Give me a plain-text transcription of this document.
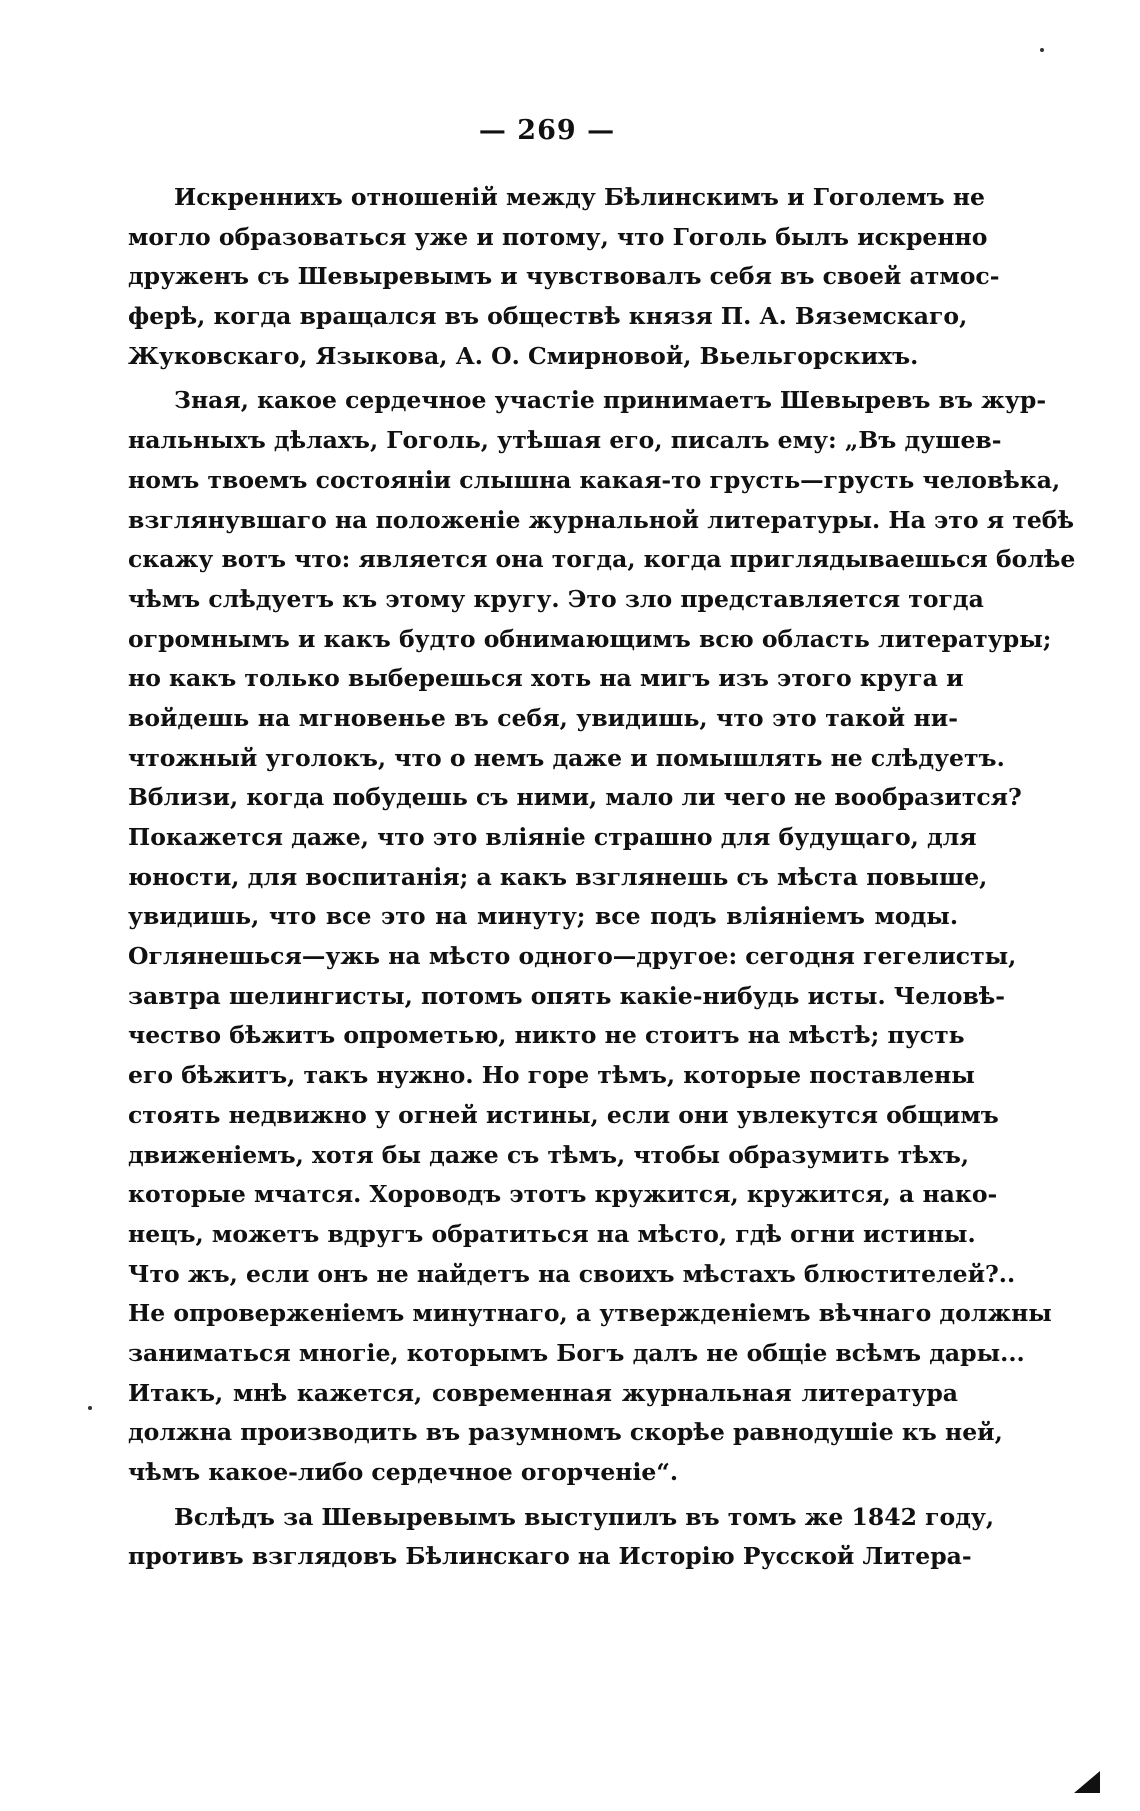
— 269 —
Искреннихъ отношеній между Бѣлинскимъ и Гоголемъ не
могло образоваться уже и потому, что Гоголь былъ искренно
друженъ съ Шевыревымъ и чувствовалъ себя въ своей атмос-
ферѣ, когда вращался въ обществѣ князя П. А. Вяземскаго,
Жуковскаго, Языкова, А. О. Смирновой, Вьельгорскихъ.
Зная, какое сердечное участіе принимаетъ Шевыревъ въ жур-
нальныхъ дѣлахъ, Гоголь, утѣшая его, писалъ ему: „Въ душев-
номъ твоемъ состояніи слышна какая-то грусть—грусть человѣка,
взглянувшаго на положеніе журнальной литературы. На это я тебѣ
скажу вотъ что: является она тогда, когда приглядываешься болѣе
чѣмъ слѣдуетъ къ этому кругу. Это зло представляется тогда
огромнымъ и какъ будто обнимающимъ всю область литературы;
но какъ только выберешься хоть на мигъ изъ этого круга и
войдешь на мгновенье въ себя, увидишь, что это такой ни-
чтожный уголокъ, что о немъ даже и помышлять не слѣдуетъ.
Вблизи, когда побудешь съ ними, мало ли чего не вообразится?
Покажется даже, что это вліяніе страшно для будущаго, для
юности, для воспитанія; а какъ взглянешь съ мѣста повыше,
увидишь, что все это на минуту; все подъ вліяніемъ моды.
Оглянешься—ужь на мѣсто одного—другое: сегодня гегелисты,
завтра шелингисты, потомъ опять какіе-нибудь исты. Человѣ-
чество бѣжитъ опрометью, никто не стоитъ на мѣстѣ; пусть
его бѣжитъ, такъ нужно. Но горе тѣмъ, которые поставлены
стоять недвижно у огней истины, если они увлекутся общимъ
движеніемъ, хотя бы даже съ тѣмъ, чтобы образумить тѣхъ,
которые мчатся. Хороводъ этотъ кружится, кружится, а нако-
нецъ, можетъ вдругъ обратиться на мѣсто, гдѣ огни истины.
Что жъ, если онъ не найдетъ на своихъ мѣстахъ блюстителей?..
Не опроверженіемъ минутнаго, а утвержденіемъ вѣчнаго должны
заниматься многіе, которымъ Богъ далъ не общіе всѣмъ дары...
Итакъ, мнѣ кажется, современная журнальная литература
должна производить въ разумномъ скорѣе равнодушіе къ ней,
чѣмъ какое-либо сердечное огорченіе“.
Вслѣдъ за Шевыревымъ выступилъ въ томъ же 1842 году,
противъ взглядовъ Бѣлинскаго на Исторію Русской Литера-
